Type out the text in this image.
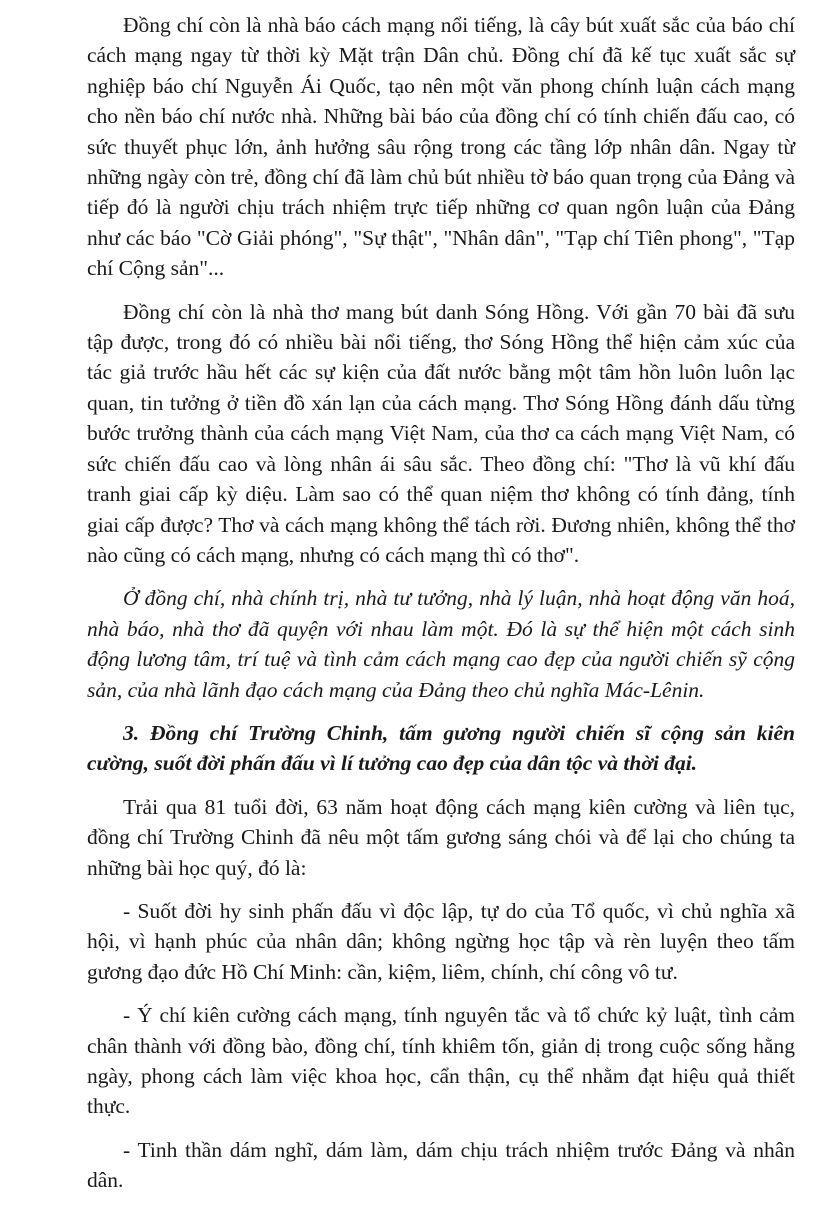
Đồng chí còn là nhà báo cách mạng nổi tiếng, là cây bút xuất sắc của báo chí cách mạng ngay từ thời kỳ Mặt trận Dân chủ. Đồng chí đã kế tục xuất sắc sự nghiệp báo chí Nguyễn Ái Quốc, tạo nên một văn phong chính luận cách mạng cho nền báo chí nước nhà. Những bài báo của đồng chí có tính chiến đấu cao, có sức thuyết phục lớn, ảnh hưởng sâu rộng trong các tầng lớp nhân dân. Ngay từ những ngày còn trẻ, đồng chí đã làm chủ bút nhiều tờ báo quan trọng của Đảng và tiếp đó là người chịu trách nhiệm trực tiếp những cơ quan ngôn luận của Đảng như các báo "Cờ Giải phóng", "Sự thật", "Nhân dân", "Tạp chí Tiên phong", "Tạp chí Cộng sản"...

Đồng chí còn là nhà thơ mang bút danh Sóng Hồng. Với gần 70 bài đã sưu tập được, trong đó có nhiều bài nổi tiếng, thơ Sóng Hồng thể hiện cảm xúc của tác giả trước hầu hết các sự kiện của đất nước bằng một tâm hồn luôn luôn lạc quan, tin tưởng ở tiền đồ xán lạn của cách mạng. Thơ Sóng Hồng đánh dấu từng bước trưởng thành của cách mạng Việt Nam, của thơ ca cách mạng Việt Nam, có sức chiến đấu cao và lòng nhân ái sâu sắc. Theo đồng chí: "Thơ là vũ khí đấu tranh giai cấp kỳ diệu. Làm sao có thể quan niệm thơ không có tính đảng, tính giai cấp được? Thơ và cách mạng không thể tách rời. Đương nhiên, không thể thơ nào cũng có cách mạng, nhưng có cách mạng thì có thơ".

Ở đồng chí, nhà chính trị, nhà tư tưởng, nhà lý luận, nhà hoạt động văn hoá, nhà báo, nhà thơ đã quyện với nhau làm một. Đó là sự thể hiện một cách sinh động lương tâm, trí tuệ và tình cảm cách mạng cao đẹp của người chiến sỹ cộng sản, của nhà lãnh đạo cách mạng của Đảng theo chủ nghĩa Mác-Lênin.

3. Đồng chí Trường Chinh, tấm gương người chiến sĩ cộng sản kiên cường, suốt đời phấn đấu vì lí tưởng cao đẹp của dân tộc và thời đại.

Trải qua 81 tuổi đời, 63 năm hoạt động cách mạng kiên cường và liên tục, đồng chí Trường Chinh đã nêu một tấm gương sáng chói và để lại cho chúng ta những bài học quý, đó là:

- Suốt đời hy sinh phấn đấu vì độc lập, tự do của Tổ quốc, vì chủ nghĩa xã hội, vì hạnh phúc của nhân dân; không ngừng học tập và rèn luyện theo tấm gương đạo đức Hồ Chí Minh: cần, kiệm, liêm, chính, chí công vô tư.

- Ý chí kiên cường cách mạng, tính nguyên tắc và tổ chức kỷ luật, tình cảm chân thành với đồng bào, đồng chí, tính khiêm tốn, giản dị trong cuộc sống hằng ngày, phong cách làm việc khoa học, cẩn thận, cụ thể nhằm đạt hiệu quả thiết thực.

- Tinh thần dám nghĩ, dám làm, dám chịu trách nhiệm trước Đảng và nhân dân.
